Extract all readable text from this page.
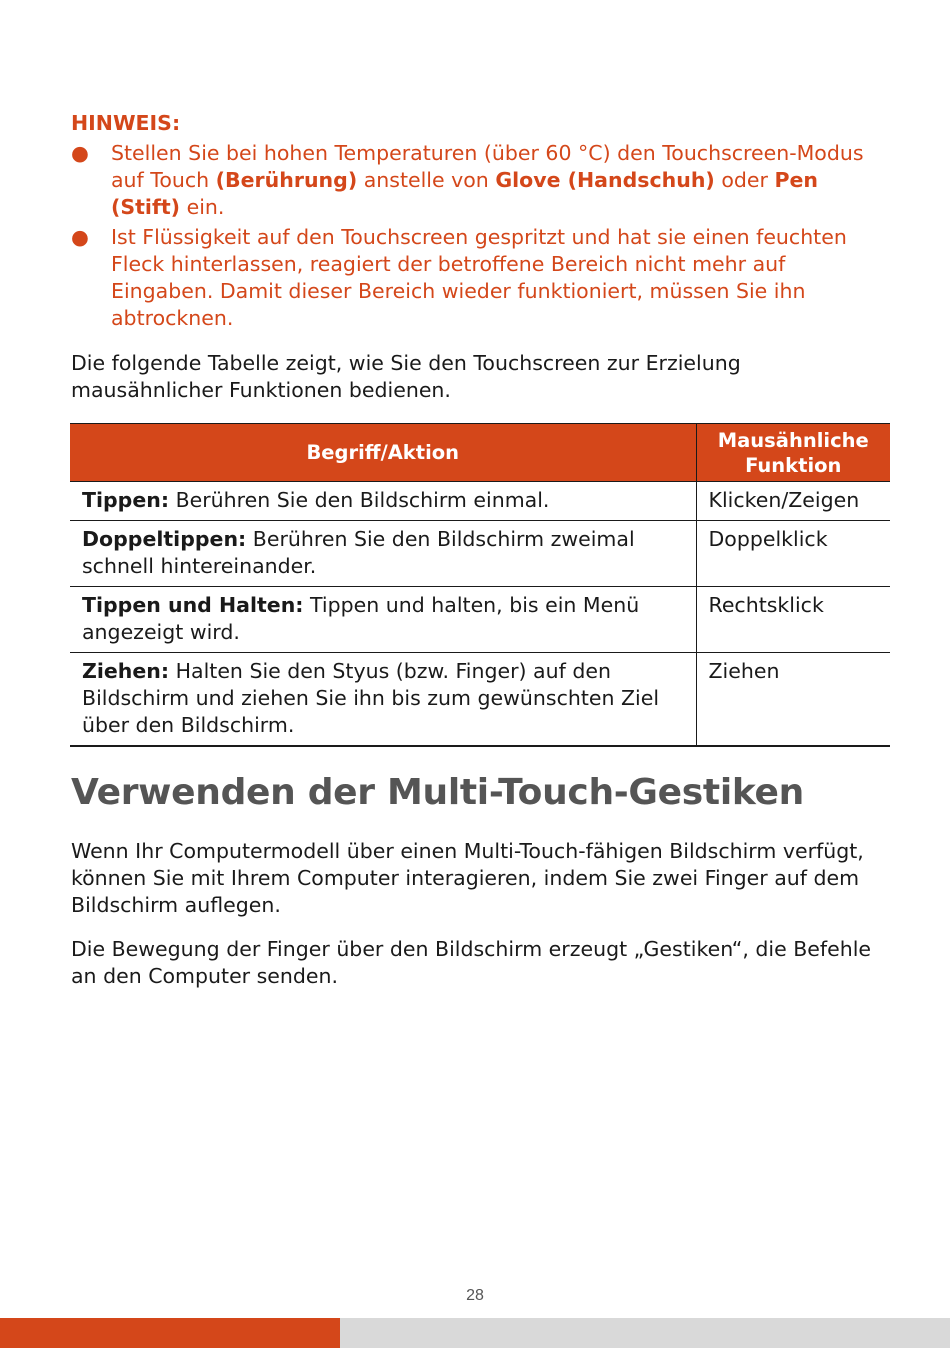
HINWEIS:
● Stellen Sie bei hohen Temperaturen (über 60 °C) den Touchscreen-Modus auf Touch (Berührung) anstelle von Glove (Handschuh) oder Pen (Stift) ein.
● Ist Flüssigkeit auf den Touchscreen gespritzt und hat sie einen feuchten Fleck hinterlassen, reagiert der betroffene Bereich nicht mehr auf Eingaben. Damit dieser Bereich wieder funktioniert, müssen Sie ihn abtrocknen.

Die folgende Tabelle zeigt, wie Sie den Touchscreen zur Erzielung mausähnlicher Funktionen bedienen.

Begriff/Aktion	Mausähnliche Funktion
Tippen: Berühren Sie den Bildschirm einmal.	Klicken/Zeigen
Doppeltippen: Berühren Sie den Bildschirm zweimal schnell hintereinander.	Doppelklick
Tippen und Halten: Tippen und halten, bis ein Menü angezeigt wird.	Rechtsklick
Ziehen: Halten Sie den Styus (bzw. Finger) auf den Bildschirm und ziehen Sie ihn bis zum gewünschten Ziel über den Bildschirm.	Ziehen
Verwenden der Multi-Touch-Gestiken

Wenn Ihr Computermodell über einen Multi-Touch-fähigen Bildschirm verfügt, können Sie mit Ihrem Computer interagieren, indem Sie zwei Finger auf dem Bildschirm auflegen.

Die Bewegung der Finger über den Bildschirm erzeugt „Gestiken“, die Befehle an den Computer senden.

28
